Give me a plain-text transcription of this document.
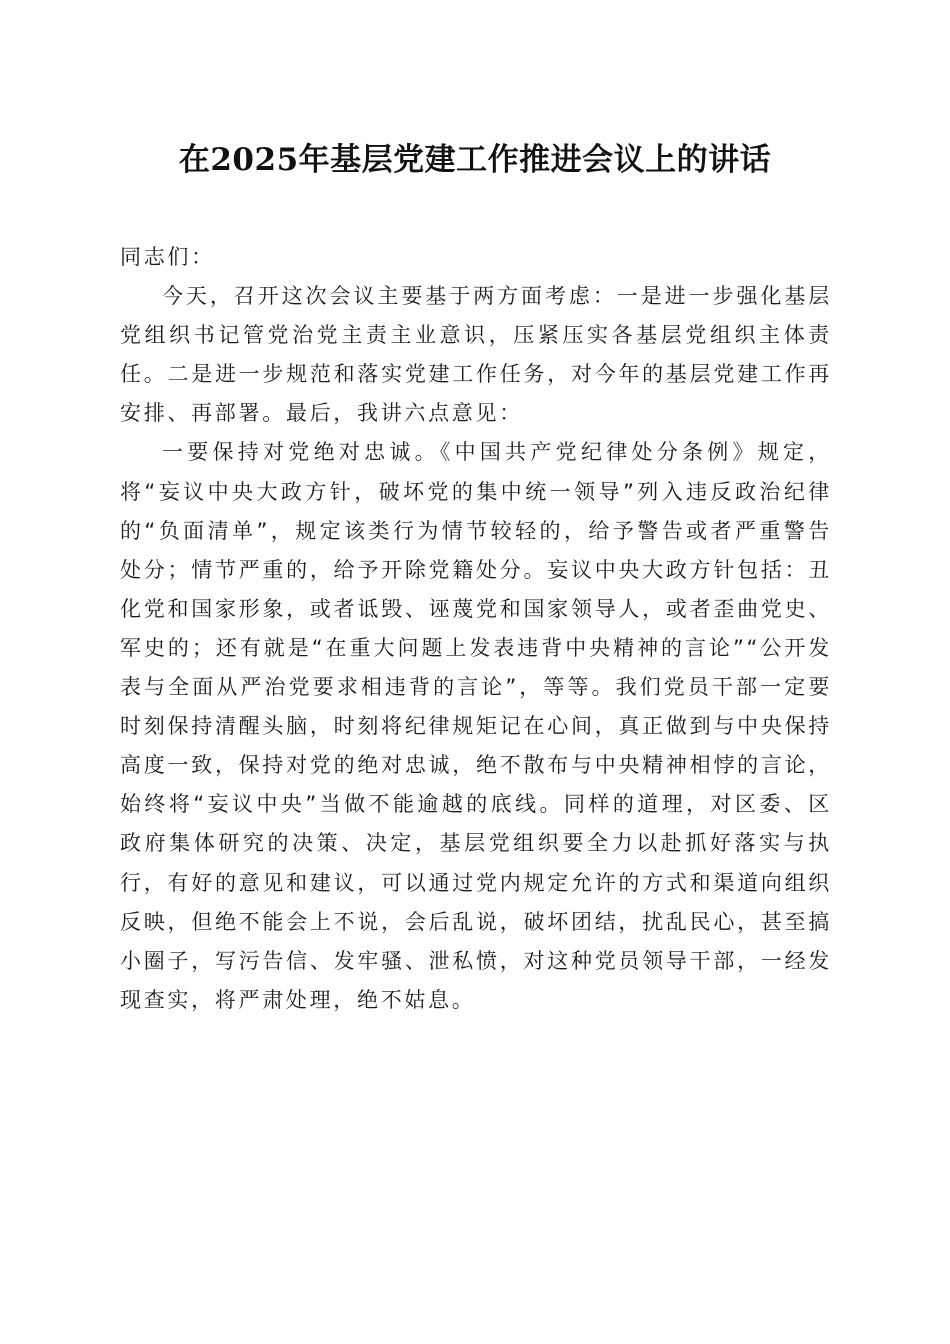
在2025年基层党建工作推进会议上的讲话

同志们：

今天，召开这次会议主要基于两方面考虑：一是进一步强化基层党组织书记管党治党主责主业意识，压紧压实各基层党组织主体责任。二是进一步规范和落实党建工作任务，对今年的基层党建工作再安排、再部署。最后，我讲六点意见：

一要保持对党绝对忠诚。《中国共产党纪律处分条例》规定，将“妄议中央大政方针，破坏党的集中统一领导”列入违反政治纪律的“负面清单”，规定该类行为情节较轻的，给予警告或者严重警告处分；情节严重的，给予开除党籍处分。妄议中央大政方针包括：丑化党和国家形象，或者诋毁、诬蔑党和国家领导人，或者歪曲党史、军史的；还有就是“在重大问题上发表违背中央精神的言论”“公开发表与全面从严治党要求相违背的言论”，等等。我们党员干部一定要时刻保持清醒头脑，时刻将纪律规矩记在心间，真正做到与中央保持高度一致，保持对党的绝对忠诚，绝不散布与中央精神相悖的言论，始终将“妄议中央”当做不能逾越的底线。同样的道理，对区委、区政府集体研究的决策、决定，基层党组织要全力以赴抓好落实与执行，有好的意见和建议，可以通过党内规定允许的方式和渠道向组织反映，但绝不能会上不说，会后乱说，破坏团结，扰乱民心，甚至搞小圈子，写污告信、发牢骚、泄私愤，对这种党员领导干部，一经发现查实，将严肃处理，绝不姑息。
